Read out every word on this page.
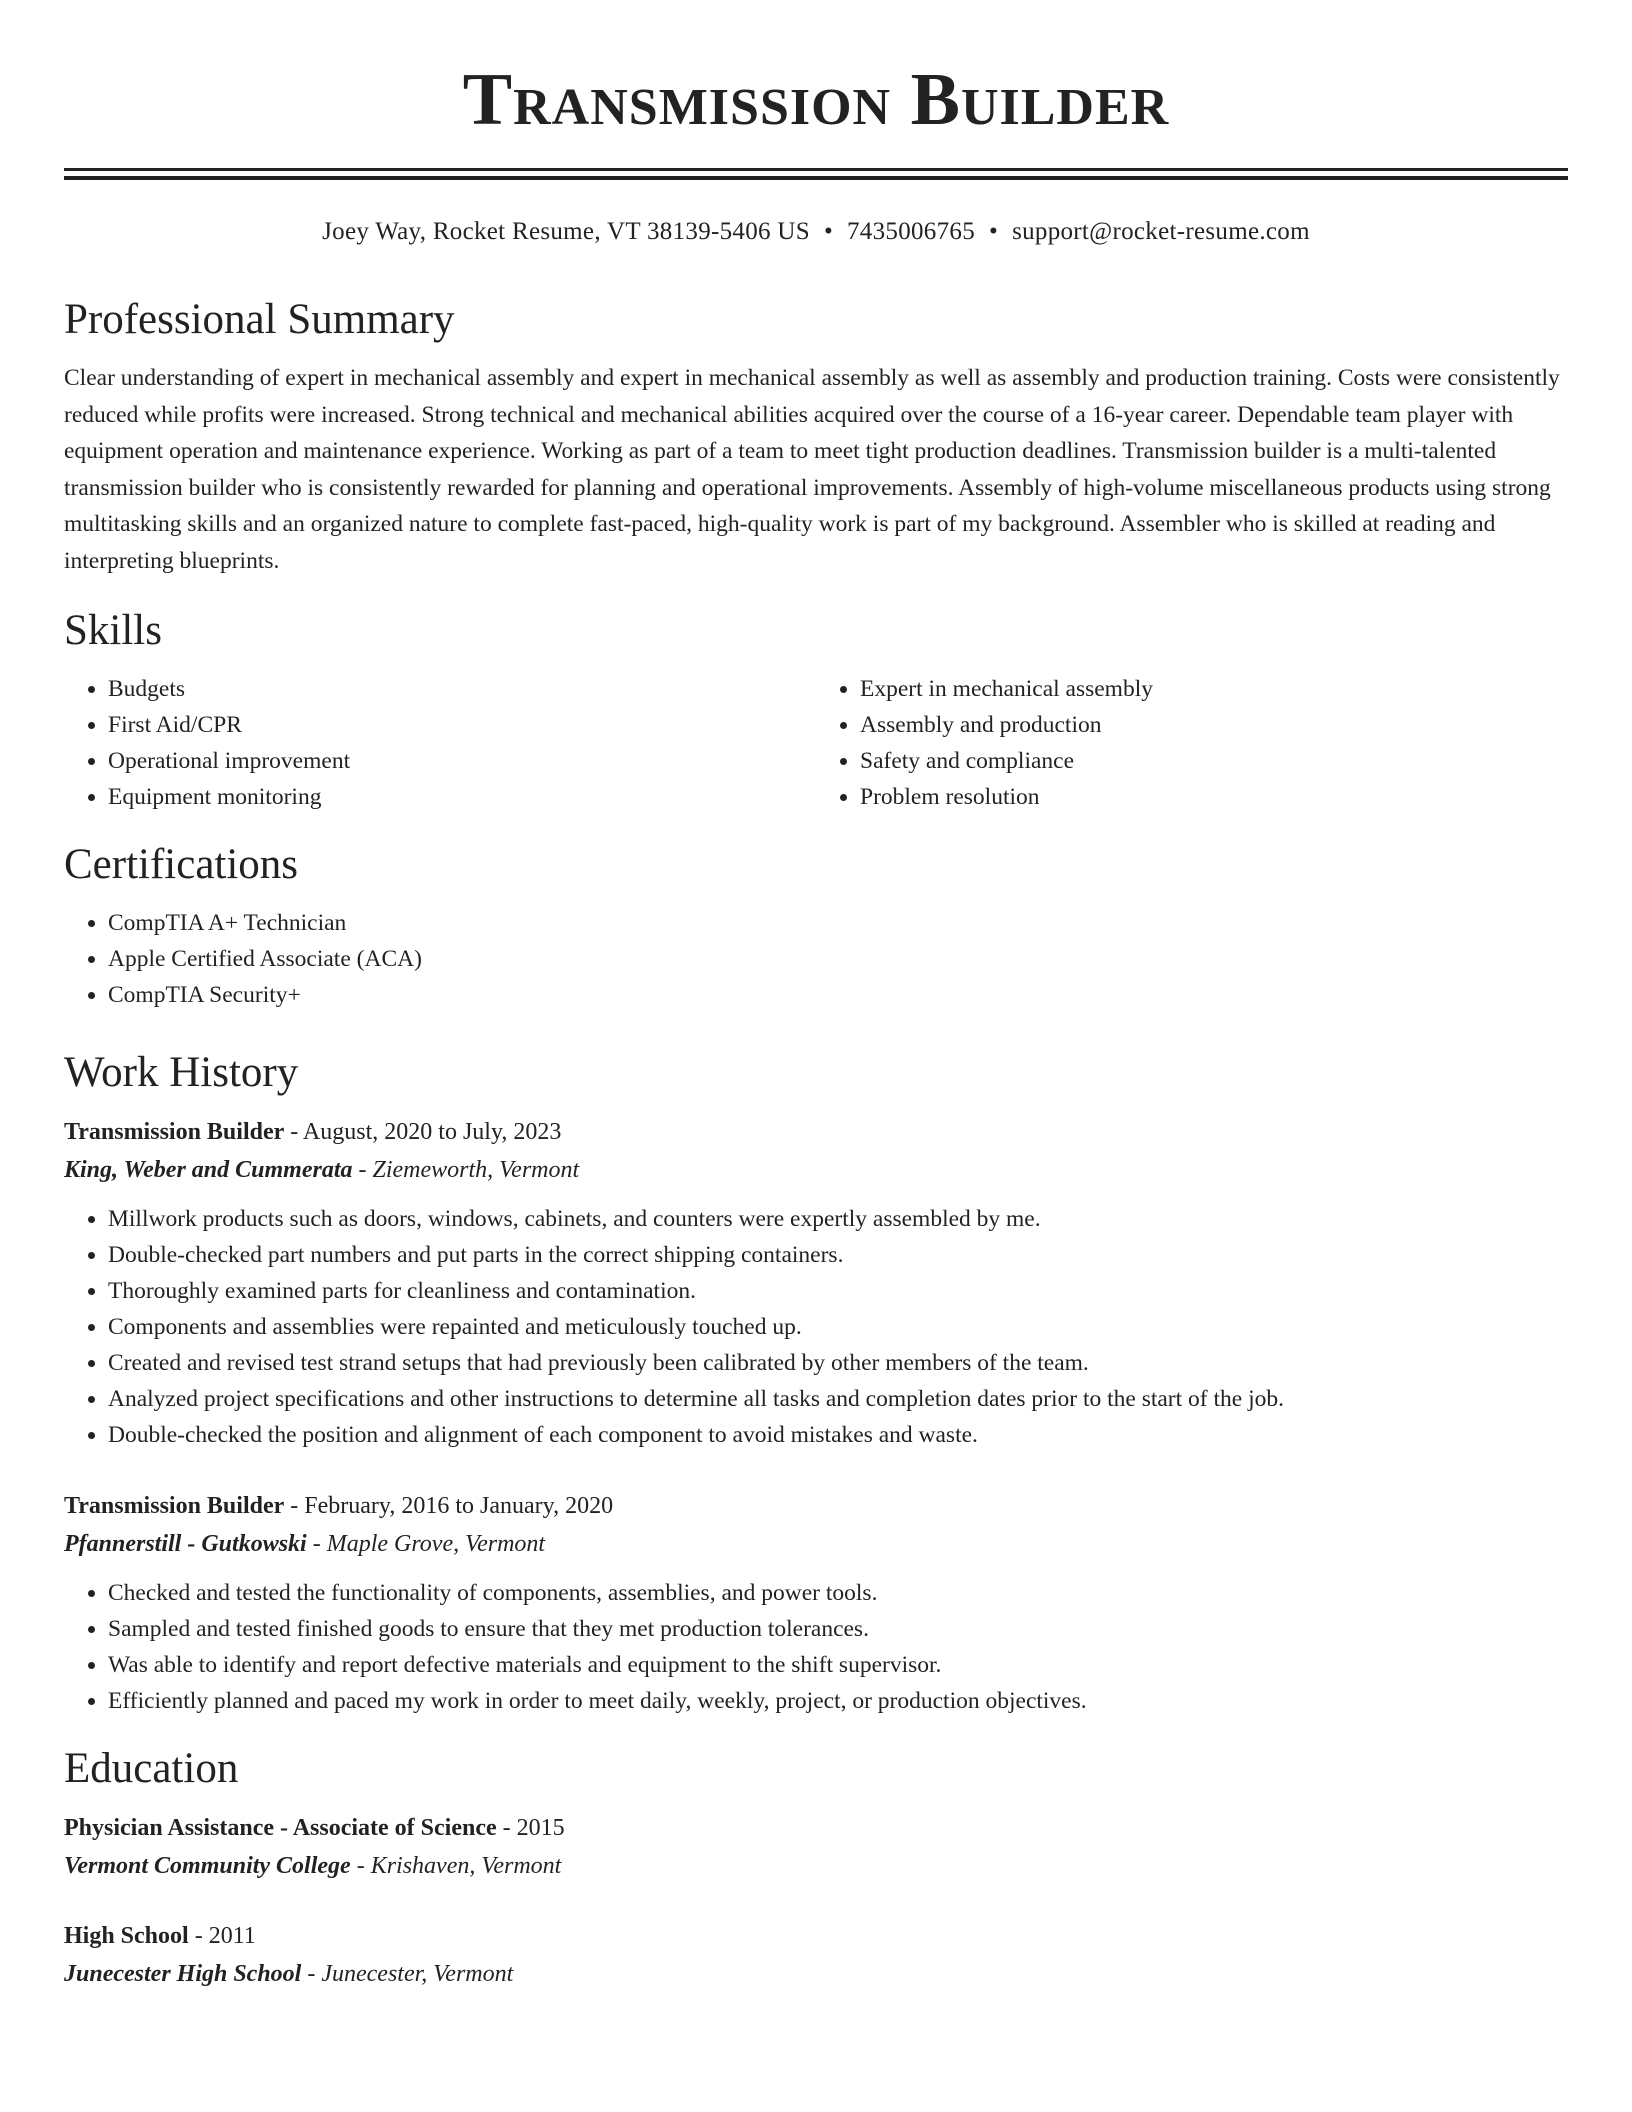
Transmission Builder
Joey Way, Rocket Resume, VT 38139-5406 US • 7435006765 • support@rocket-resume.com
Professional Summary

Clear understanding of expert in mechanical assembly and expert in mechanical assembly as well as assembly and production training. Costs were consistently reduced while profits were increased. Strong technical and mechanical abilities acquired over the course of a 16-year career. Dependable team player with equipment operation and maintenance experience. Working as part of a team to meet tight production deadlines. Transmission builder is a multi-talented transmission builder who is consistently rewarded for planning and operational improvements. Assembly of high-volume miscellaneous products using strong multitasking skills and an organized nature to complete fast-paced, high-quality work is part of my background. Assembler who is skilled at reading and interpreting blueprints.

Skills
• Budgets
• First Aid/CPR
• Operational improvement
• Equipment monitoring
• Expert in mechanical assembly
• Assembly and production
• Safety and compliance
• Problem resolution
Certifications
• CompTIA A+ Technician
• Apple Certified Associate (ACA)
• CompTIA Security+
Work History
Transmission Builder - August, 2020 to July, 2023
King, Weber and Cummerata - Ziemeworth, Vermont
• Millwork products such as doors, windows, cabinets, and counters were expertly assembled by me.
• Double-checked part numbers and put parts in the correct shipping containers.
• Thoroughly examined parts for cleanliness and contamination.
• Components and assemblies were repainted and meticulously touched up.
• Created and revised test strand setups that had previously been calibrated by other members of the team.
• Analyzed project specifications and other instructions to determine all tasks and completion dates prior to the start of the job.
• Double-checked the position and alignment of each component to avoid mistakes and waste.
Transmission Builder - February, 2016 to January, 2020
Pfannerstill - Gutkowski - Maple Grove, Vermont
• Checked and tested the functionality of components, assemblies, and power tools.
• Sampled and tested finished goods to ensure that they met production tolerances.
• Was able to identify and report defective materials and equipment to the shift supervisor.
• Efficiently planned and paced my work in order to meet daily, weekly, project, or production objectives.
Education
Physician Assistance - Associate of Science - 2015
Vermont Community College - Krishaven, Vermont
High School - 2011
Junecester High School - Junecester, Vermont
